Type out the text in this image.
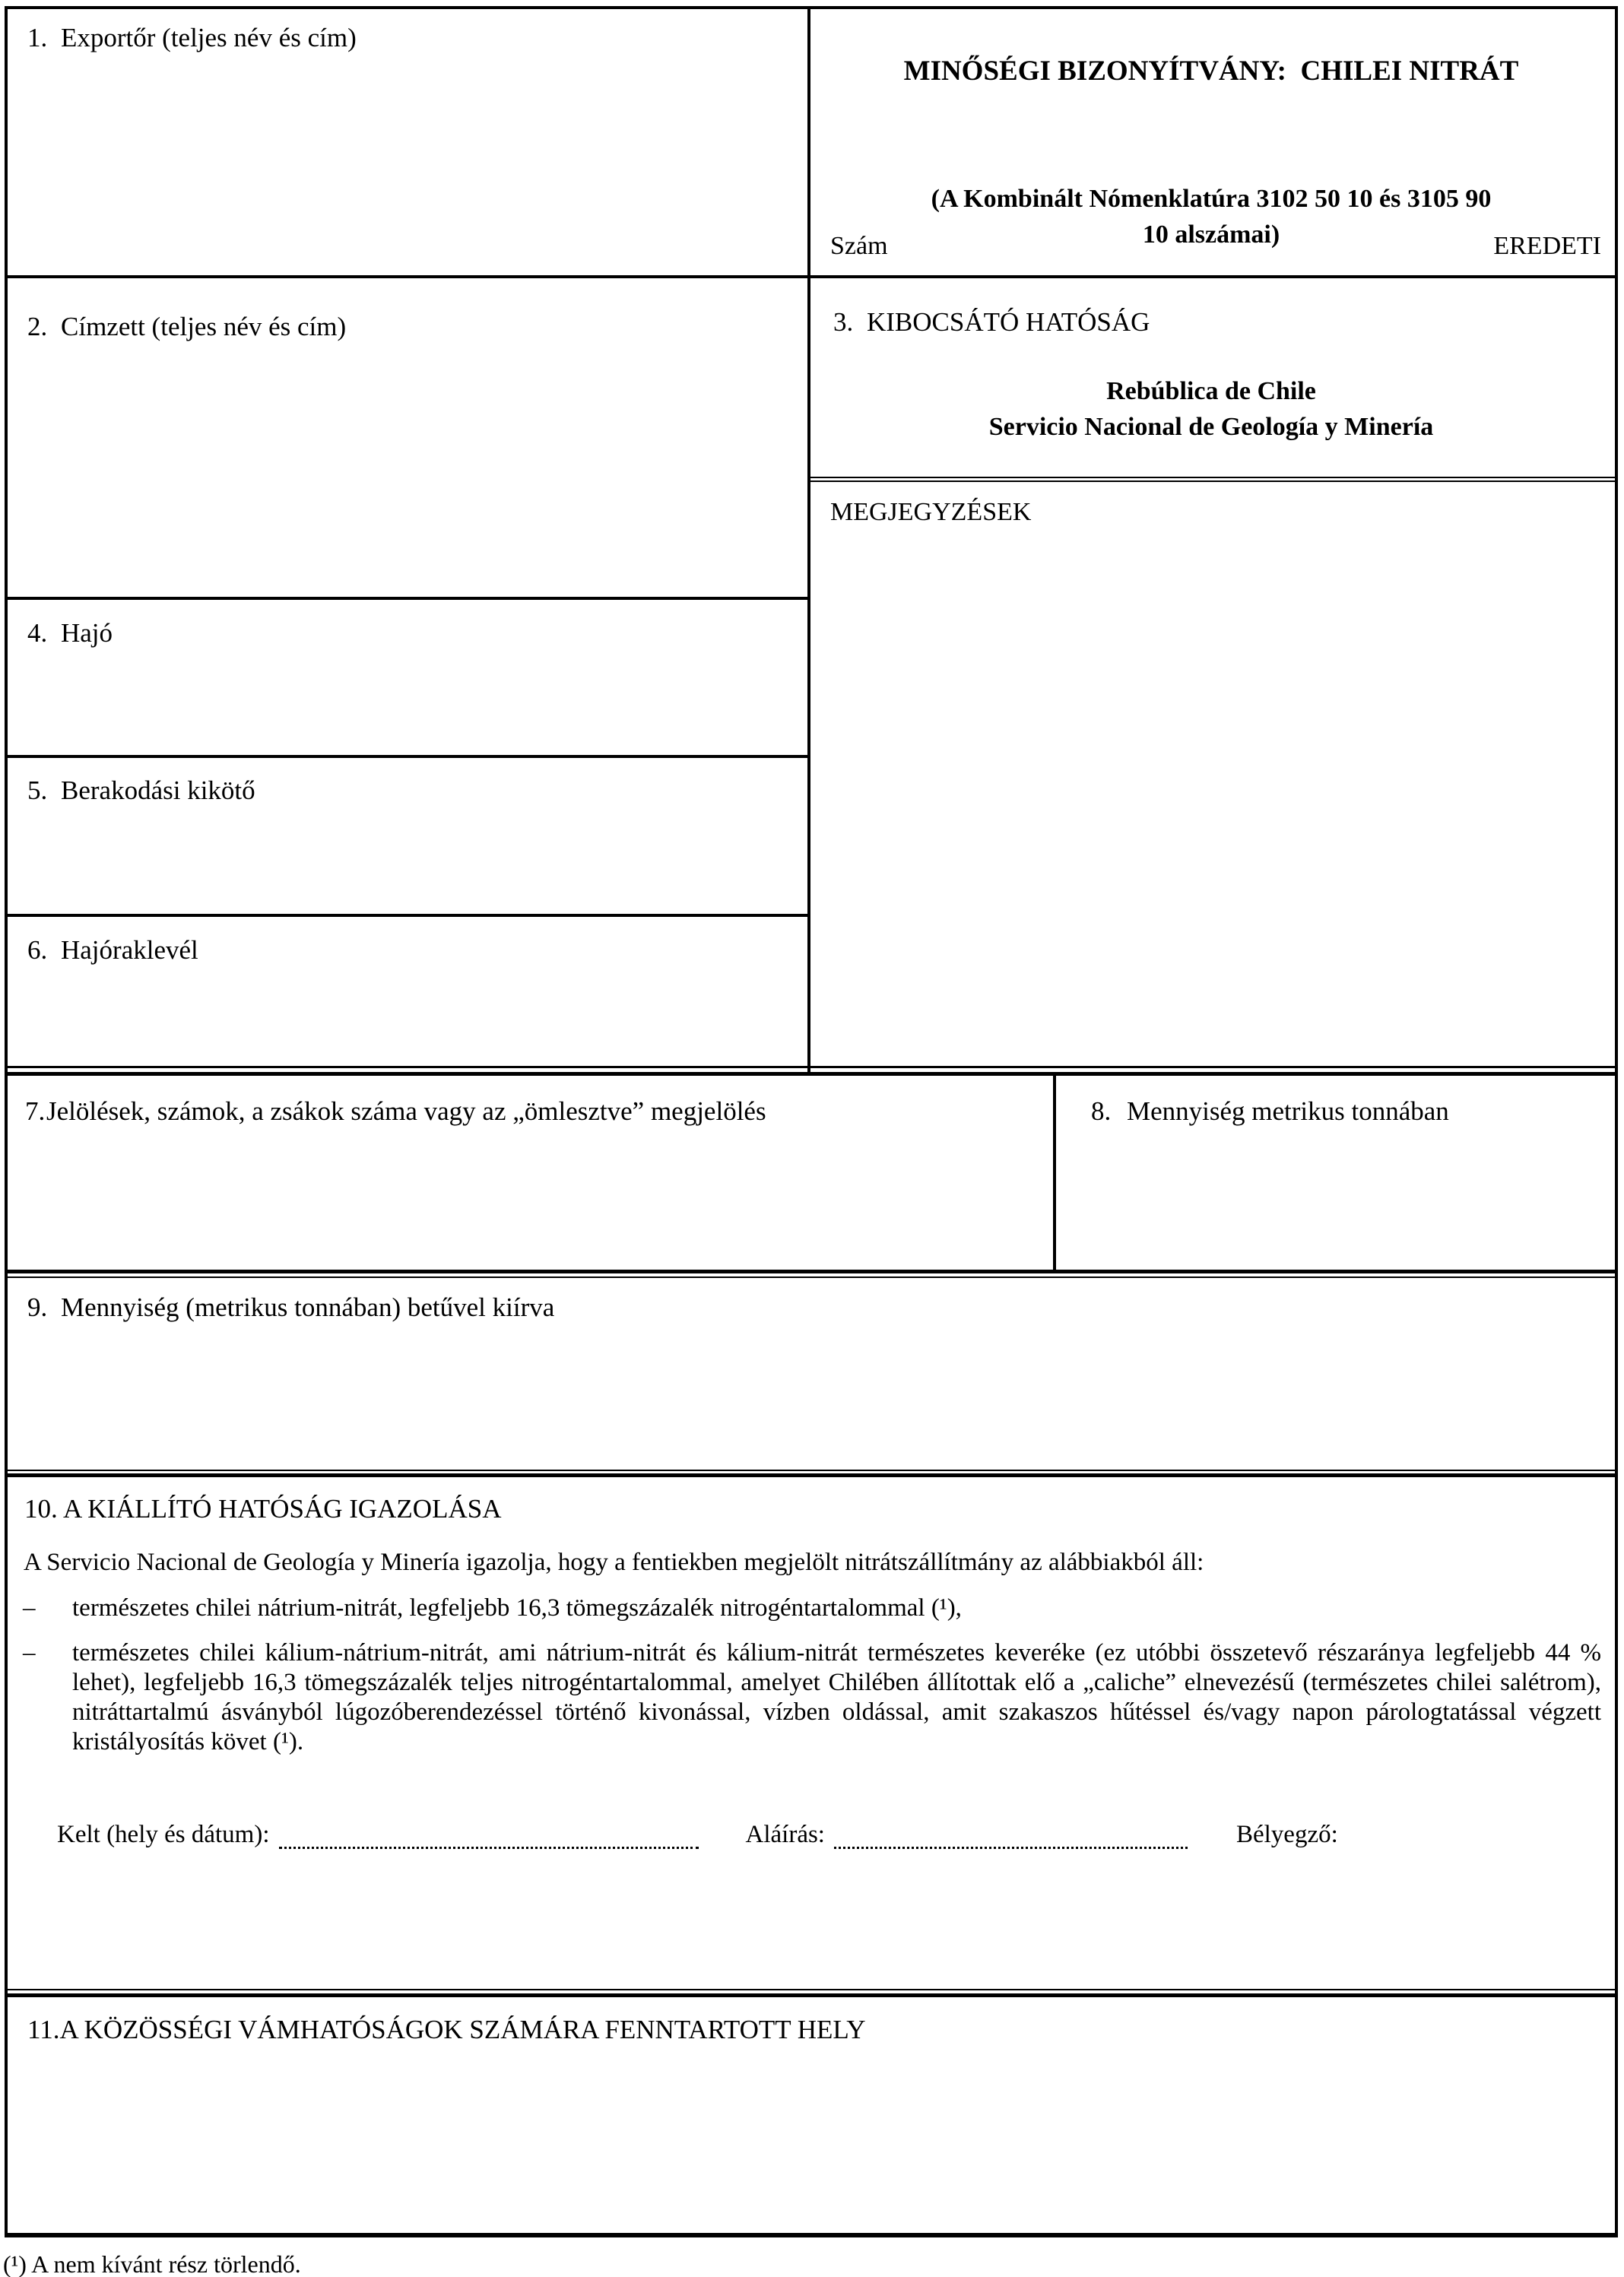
1. Exportőr (teljes név és cím)
MINŐSÉGI BIZONYÍTVÁNY:  CHILEI NITRÁT
(A Kombinált Nómenklatúra 3102 50 10 és 3105 90
10 alszámai)
Szám	EREDETI
2. Címzett (teljes név és cím)	3. KIBOCSÁTÓ HATÓSÁG
Rebública de Chile
Servicio Nacional de Geología y Minería
MEGJEGYZÉSEK
4. Hajó
5. Berakodási kikötő
6. Hajóraklevél
7. Jelölések, számok, a zsákok száma vagy az „ömlesztve” megjelölés	8. Mennyiség metrikus tonnában
9. Mennyiség (metrikus tonnában) betűvel kiírva
10. A KIÁLLÍTÓ HATÓSÁG IGAZOLÁSA
A Servicio Nacional de Geología y Minería igazolja, hogy a fentiekben megjelölt nitrátszállítmány az alábbiakból áll:
– természetes chilei nátrium-nitrát, legfeljebb 16,3 tömegszázalék nitrogéntartalommal (¹),
– természetes chilei kálium-nátrium-nitrát, ami nátrium-nitrát és kálium-nitrát természetes keveréke (ez utóbbi összetevő részaránya legfeljebb 44 % lehet), legfeljebb 16,3 tömegszázalék teljes nitrogéntartalommal, amelyet Chilében állítottak elő a „caliche” elnevezésű (természetes chilei salétrom), nitráttartalmú ásványból lúgozóberendezéssel történő kivonással, vízben oldással, amit szakaszos hűtéssel és/vagy napon párologtatással végzett kristályosítás követ (¹).
Kelt (hely és dátum):	Aláírás:	Bélyegző:
11. A KÖZÖSSÉGI VÁMHATÓSÁGOK SZÁMÁRA FENNTARTOTT HELY
(¹) A nem kívánt rész törlendő.
